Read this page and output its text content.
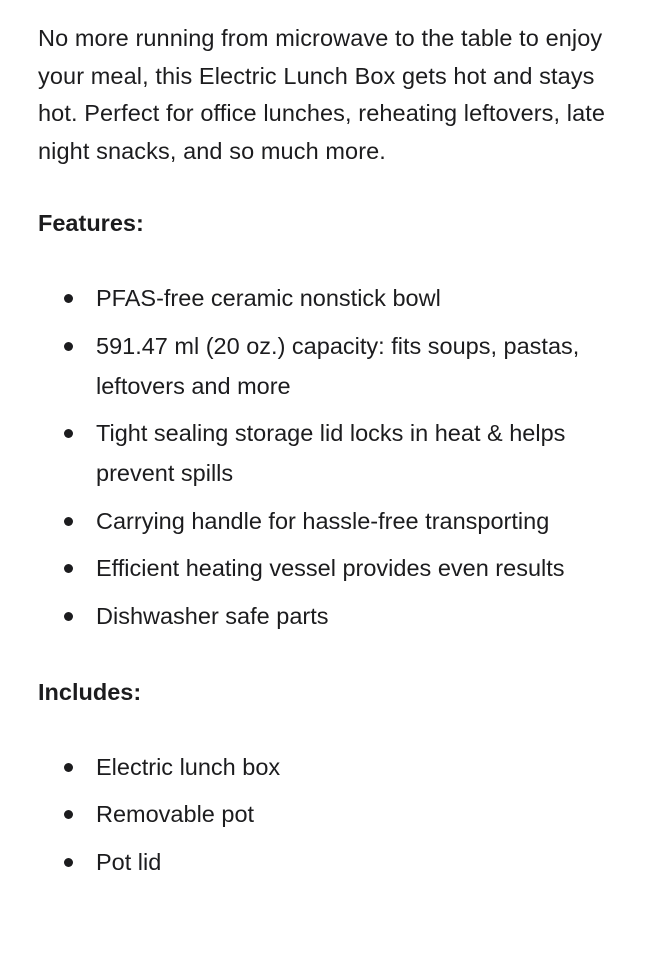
No more running from microwave to the table to enjoy your meal, this Electric Lunch Box gets hot and stays hot. Perfect for office lunches, reheating leftovers, late night snacks, and so much more.

Features:
PFAS-free ceramic nonstick bowl
591.47 ml (20 oz.) capacity: fits soups, pastas, leftovers and more
Tight sealing storage lid locks in heat & helps prevent spills
Carrying handle for hassle-free transporting
Efficient heating vessel provides even results
Dishwasher safe parts
Includes:
Electric lunch box
Removable pot
Pot lid
